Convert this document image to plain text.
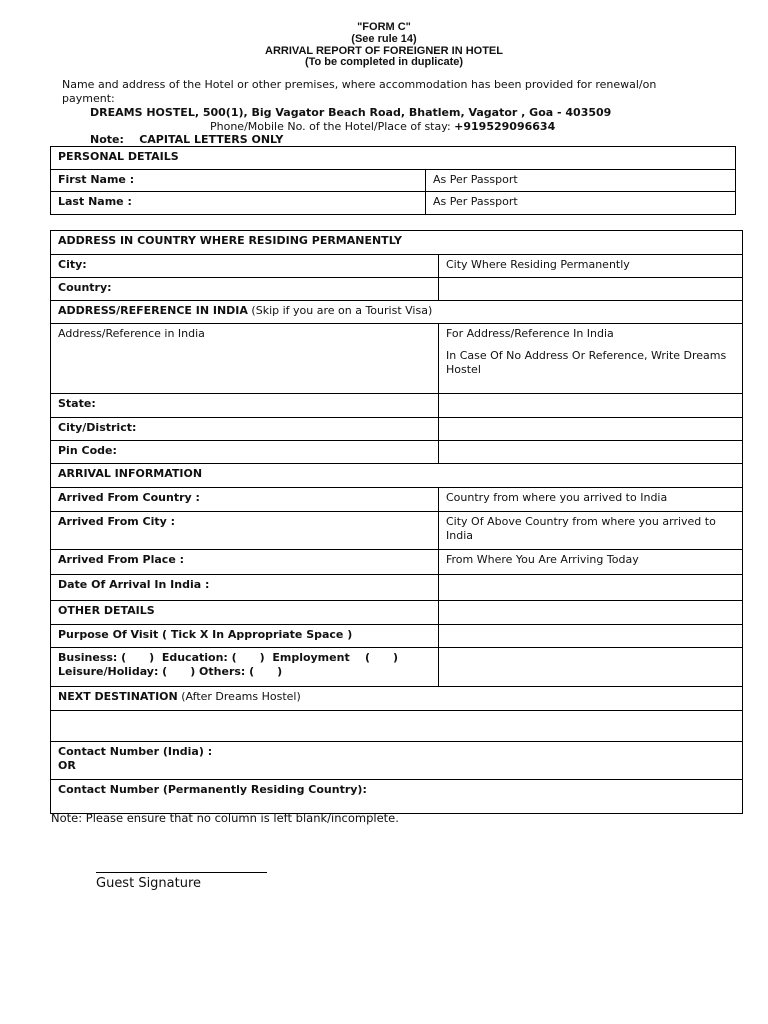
"FORM C"
(See rule 14)
ARRIVAL REPORT OF FOREIGNER IN HOTEL
(To be completed in duplicate)
Name and address of the Hotel or other premises, where accommodation has been provided for renewal/on
payment:
DREAMS HOSTEL, 500(1), Big Vagator Beach Road, Bhatlem, Vagator , Goa - 403509
Phone/Mobile No. of the Hotel/Place of stay: +919529096634
Note: CAPITAL LETTERS ONLY
PERSONAL DETAILS	
First Name :	As Per Passport
Last Name :	As Per Passport
ADDRESS IN COUNTRY WHERE RESIDING PERMANENTLY	
City:	City Where Residing Permanently
Country:	
ADDRESS/REFERENCE IN INDIA (Skip if you are on a Tourist Visa)	
Address/Reference in India	For Address/Reference In India

In Case Of No Address Or Reference, Write Dreams Hostel

State:	
City/District:	
Pin Code:	
ARRIVAL INFORMATION	
Arrived From Country :	Country from where you arrived to India
Arrived From City :	City Of Above Country from where you arrived to India
Arrived From Place :	From Where You Are Arriving Today
Date Of Arrival In India :	
OTHER DETAILS	
Purpose Of Visit ( Tick X In Appropriate Space )	

Business: (      )  Education: (      )  Employment    (      )
Leisure/Holiday: (      ) Others: (      )	

NEXT DESTINATION (After Dreams Hostel)	

Contact Number (India) :
OR	

Contact Number (Permanently Residing Country):	
Note: Please ensure that no column is left blank/incomplete.
Guest Signature
